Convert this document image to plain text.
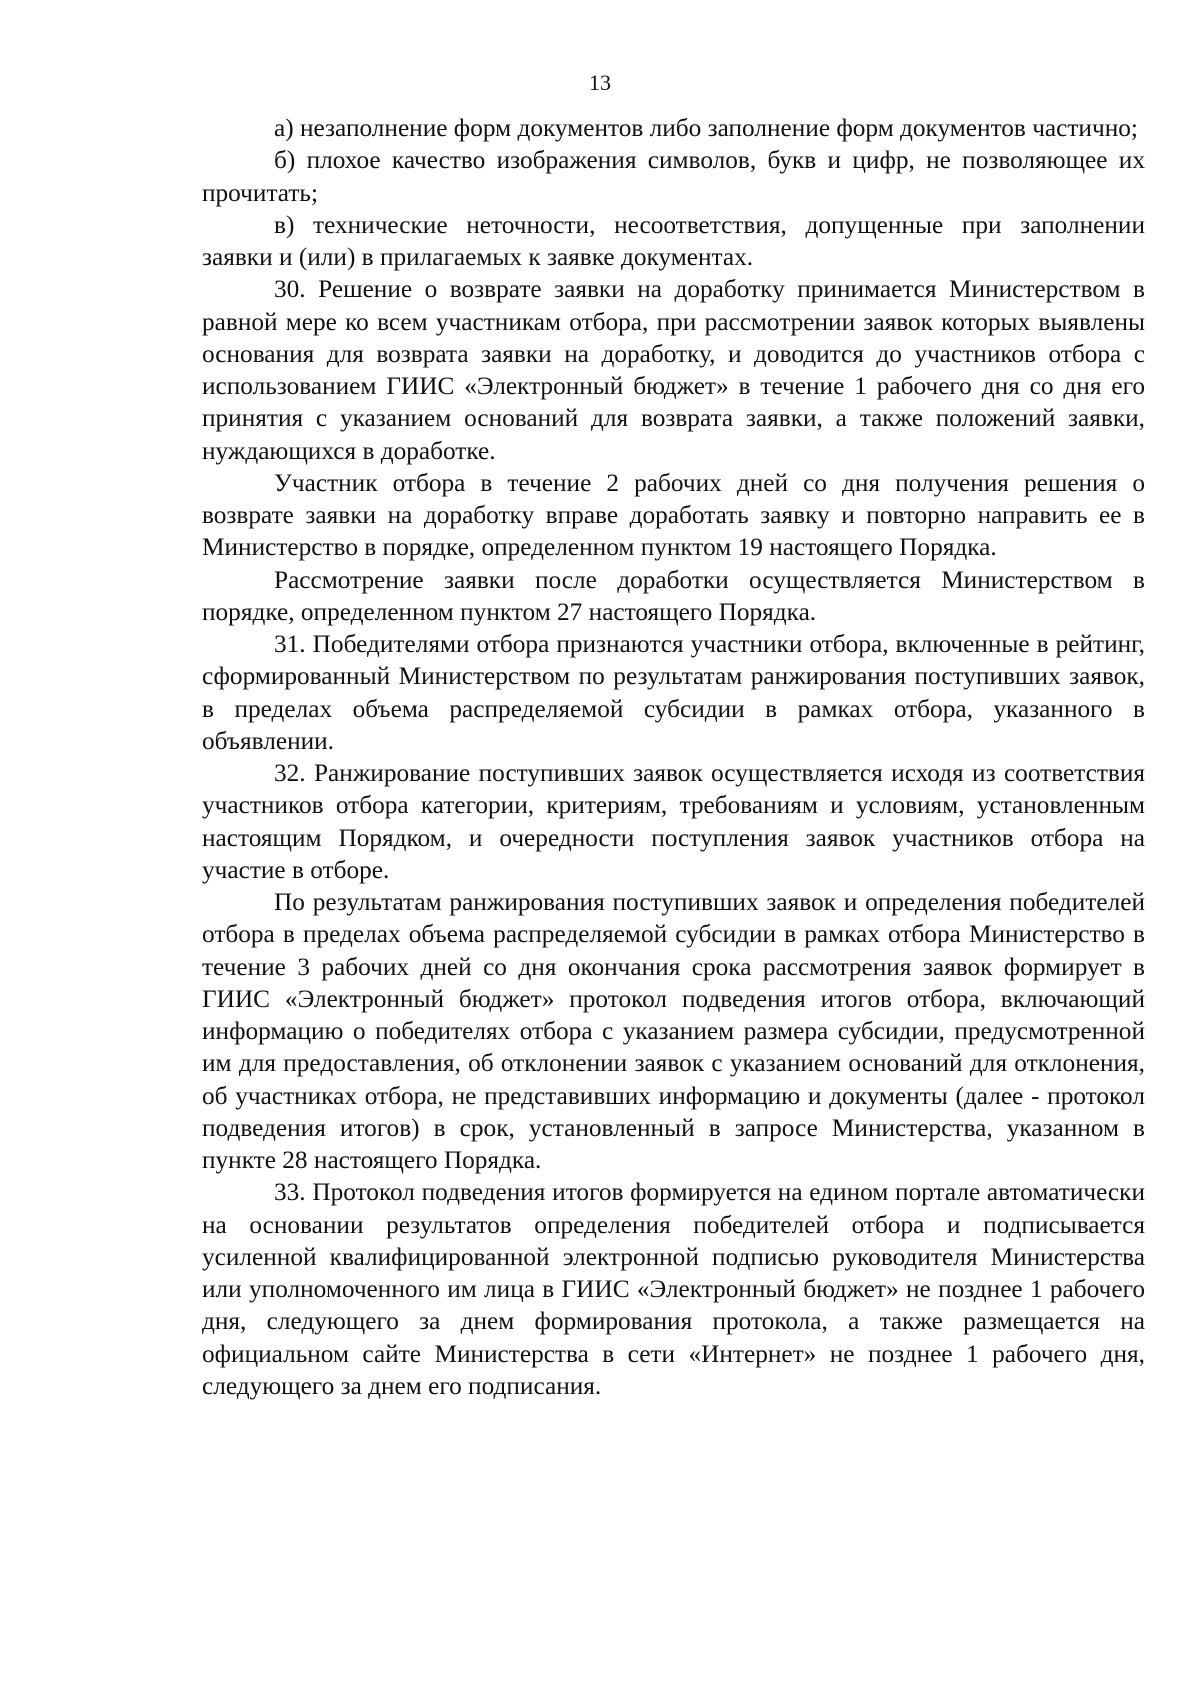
13

а) незаполнение форм документов либо заполнение форм документов частично;

б) плохое качество изображения символов, букв и цифр, не позволяющее их прочитать;

в) технические неточности, несоответствия, допущенные при заполнении заявки и (или) в прилагаемых к заявке документах.

30. Решение о возврате заявки на доработку принимается Министерством в равной мере ко всем участникам отбора, при рассмотрении заявок которых выявлены основания для возврата заявки на доработку, и доводится до участников отбора с использованием ГИИС «Электронный бюджет» в течение 1 рабочего дня со дня его принятия с указанием оснований для возврата заявки, а также положений заявки, нуждающихся в доработке.

Участник отбора в течение 2 рабочих дней со дня получения решения о возврате заявки на доработку вправе доработать заявку и повторно направить ее в Министерство в порядке, определенном пунктом 19 настоящего Порядка.

Рассмотрение заявки после доработки осуществляется Министерством в порядке, определенном пунктом 27 настоящего Порядка.

31. Победителями отбора признаются участники отбора, включенные в рейтинг, сформированный Министерством по результатам ранжирования поступивших заявок, в пределах объема распределяемой субсидии в рамках отбора, указанного в объявлении.

32. Ранжирование поступивших заявок осуществляется исходя из соответствия участников отбора категории, критериям, требованиям и условиям, установленным настоящим Порядком, и очередности поступления заявок участников отбора на участие в отборе.

По результатам ранжирования поступивших заявок и определения победителей отбора в пределах объема распределяемой субсидии в рамках отбора Министерство в течение 3 рабочих дней со дня окончания срока рассмотрения заявок формирует в ГИИС «Электронный бюджет» протокол подведения итогов отбора, включающий информацию о победителях отбора с указанием размера субсидии, предусмотренной им для предоставления, об отклонении заявок с указанием оснований для отклонения, об участниках отбора, не представивших информацию и документы (далее - протокол подведения итогов) в срок, установленный в запросе Министерства, указанном в пункте 28 настоящего Порядка.

33. Протокол подведения итогов формируется на едином портале автоматически на основании результатов определения победителей отбора и подписывается усиленной квалифицированной электронной подписью руководителя Министерства или уполномоченного им лица в ГИИС «Электронный бюджет» не позднее 1 рабочего дня, следующего за днем формирования протокола, а также размещается на официальном сайте Министерства в сети «Интернет» не позднее 1 рабочего дня, следующего за днем его подписания.
